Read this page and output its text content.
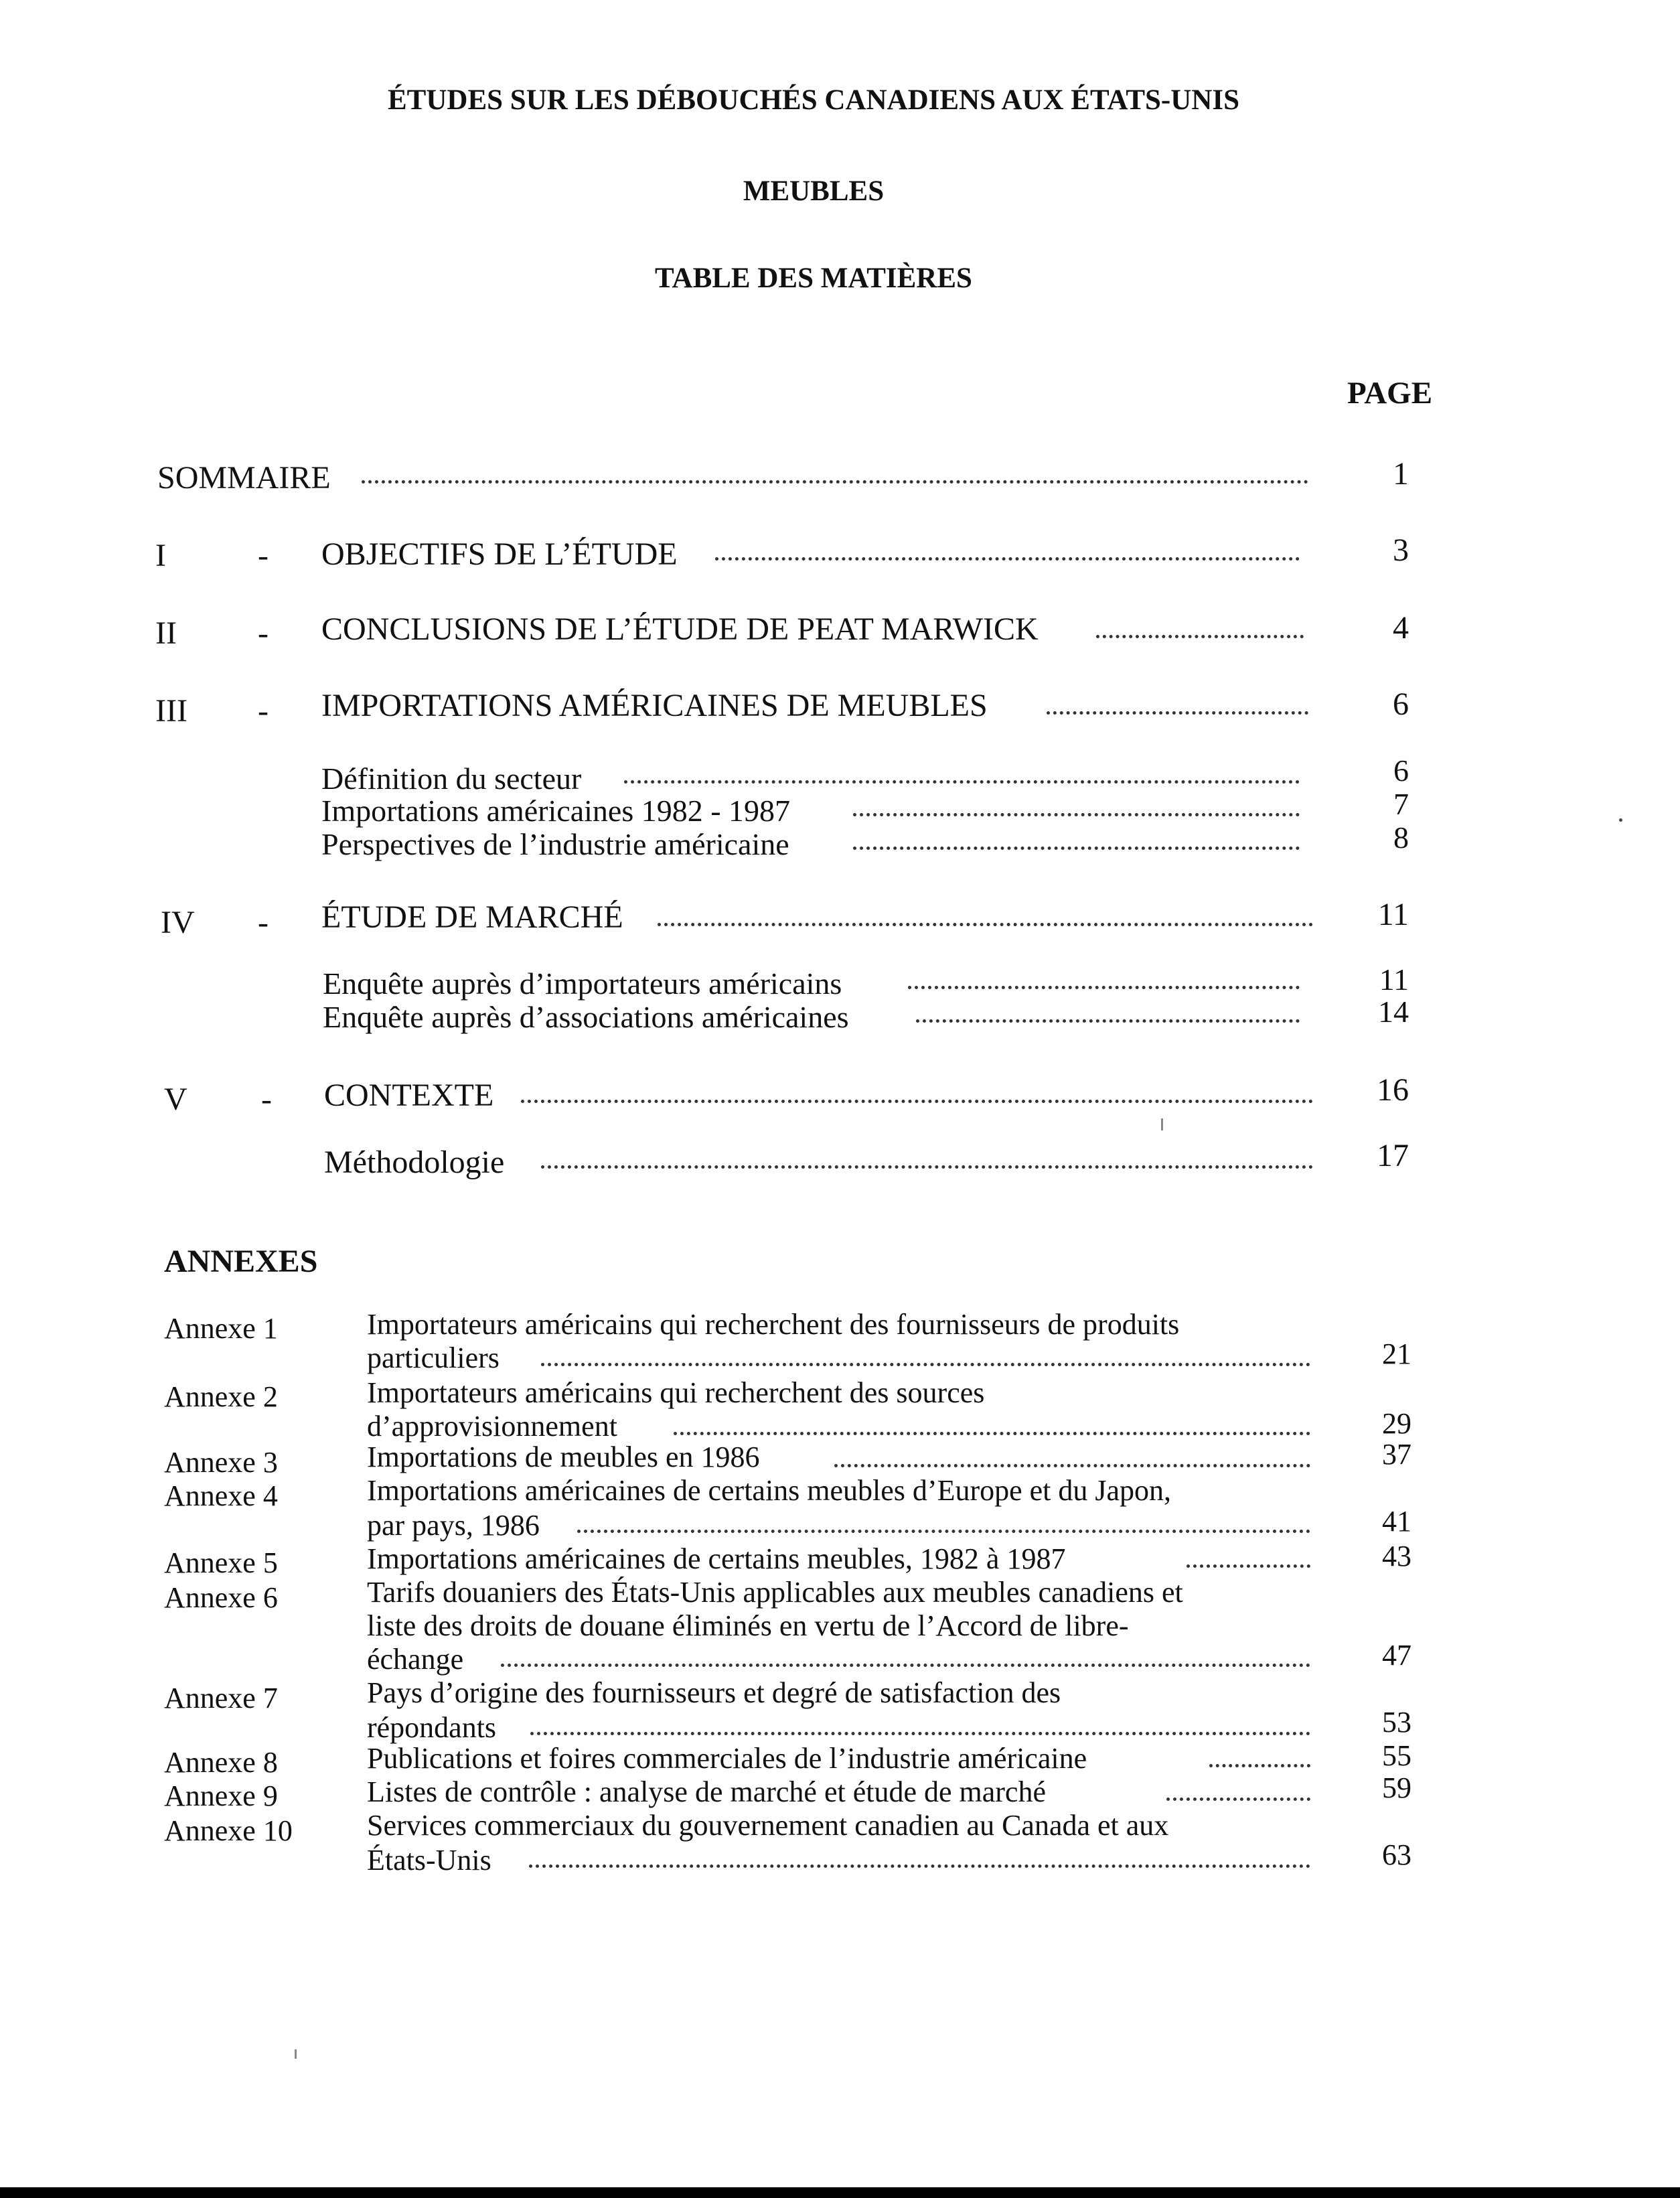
ÉTUDES SUR LES DÉBOUCHÉS CANADIENS AUX ÉTATS-UNIS
MEUBLES
TABLE DES MATIÈRES
PAGE
SOMMAIRE	1
I	- OBJECTIFS DE L’ÉTUDE	3
II	- CONCLUSIONS DE L’ÉTUDE DE PEAT MARWICK	4
III - IMPORTATIONS AMÉRICAINES DE MEUBLES	6
Définition du secteur	6
Importations américaines 1982 - 1987	7
Perspectives de l’industrie américaine	8
IV - ÉTUDE DE MARCHÉ	11
Enquête auprès d’importateurs américains	11
Enquête auprès d’associations américaines	14
V - CONTEXTE	16
Méthodologie	17
ANNEXES
Annexe 1	Importateurs américains qui recherchent des fournisseurs de produits
particuliers	21
Annexe 2	Importateurs américains qui recherchent des sources
d’approvisionnement	29
Annexe 3	Importations de meubles en 1986	37
Annexe 4	Importations américaines de certains meubles d’Europe et du Japon,
par pays, 1986	41
Annexe 5	Importations américaines de certains meubles, 1982 à 1987	43
Annexe 6	Tarifs douaniers des États-Unis applicables aux meubles canadiens et
liste des droits de douane éliminés en vertu de l’Accord de libre-
échange	47
Annexe 7	Pays d’origine des fournisseurs et degré de satisfaction des
répondants	53
Annexe 8	Publications et foires commerciales de l’industrie américaine	55
Annexe 9	Listes de contrôle : analyse de marché et étude de marché	59
Annexe 10	Services commerciaux du gouvernement canadien au Canada et aux
États-Unis	63
